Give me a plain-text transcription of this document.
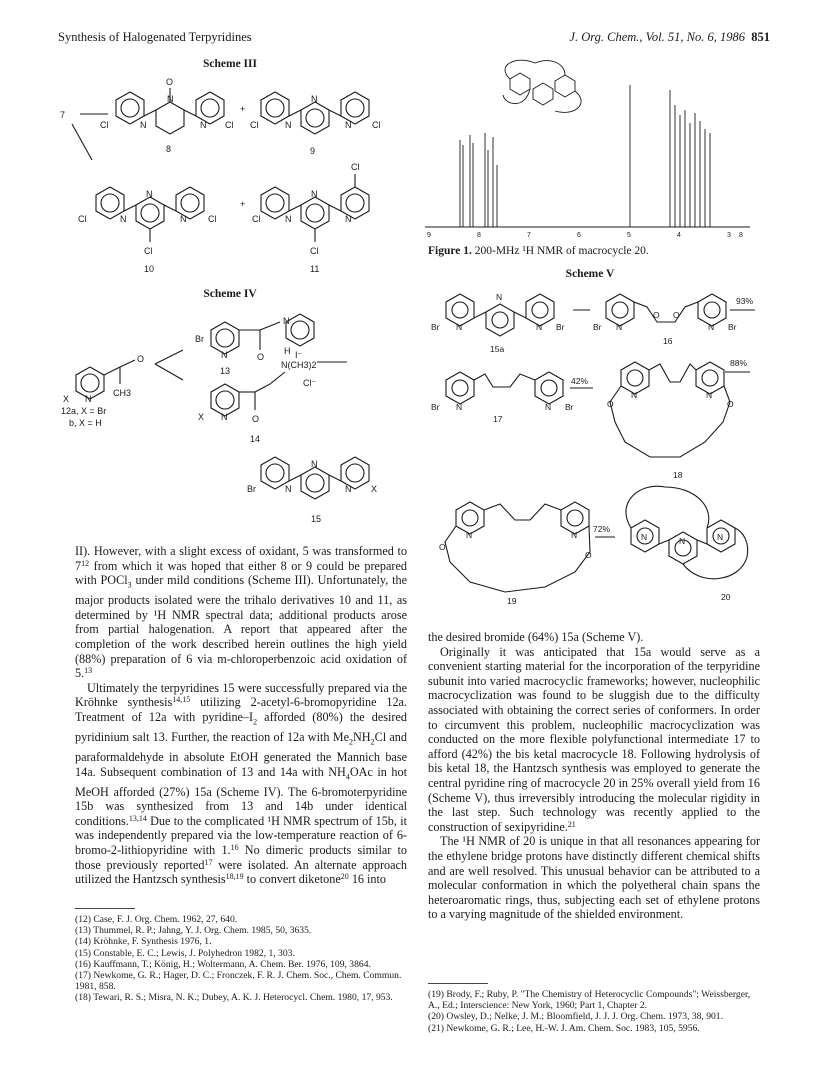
Synthesis of Halogenated Terpyridines	J. Org. Chem., Vol. 51, No. 6, 1986 851
Scheme III
7
O
Cl	N
N
N Cl
+
Cl	N
N
N Cl
8	9
Cl	N
N
N Cl
Cl
10
+
Cl	N
N
N
Cl
Cl
11
Scheme IV
Br
N	O
N
I⁻
13
X N
O
CH3
12a, X = Br
b, X = H
X N	O
N(CH3)2
H
Cl⁻
14
Br	N
N
N X
15
9	8	7	6	5	4	3 8
Figure 1. 200-MHz ¹H NMR of macrocycle 20.
Scheme V
Br N
N
N Br
15a
Br N
O O
N Br
16
93%
Br N	N Br
17
42%
N	N
O	O
88%
18
N	N
O
O
19
72%
N	N	N
20

II). However, with a slight excess of oxidant, 5 was transformed to $7^{12}$ from which it was hoped that either 8 or 9 could be prepared with POCl$_3$ under mild conditions (Scheme III). Unfortunately, the major products isolated were the trihalo derivatives 10 and 11, as determined by ¹H NMR spectral data; additional products arose from partial halogenation. A report that appeared after the completion of the work described herein outlines the high yield (88%) preparation of 6 via m-chloroperbenzoic acid oxidation of 5.13

Ultimately the terpyridines 15 were successfully prepared via the Kröhnke synthesis$^{14,15}$ utilizing 2-acetyl-6-bromopyridine 12a. Treatment of 12a with pyridine–$I_2$ afforded (80%) the desired pyridinium salt 13. Further, the reaction of 12a with $Me_2NH_2Cl$ and paraformaldehyde in absolute EtOH generated the Mannich base 14a. Subsequent combination of 13 and 14a with $NH_4OAc$ in hot MeOH afforded (27%) 15a (Scheme IV). The 6-bromoterpyridine 15b was synthesized from 13 and 14b under identical conditions.$^{13,14}$ Due to the complicated ¹H NMR spectrum of 15b, it was independently prepared via the low-temperature reaction of 6-bromo-2-lithiopyridine with 1.16 No dimeric products similar to those previously reported$^{17}$ were isolated. An alternate approach utilized the Hantzsch synthesis$^{18,19}$ to convert diketone$^{20}$ 16 into

(12) Case, F. J. Org. Chem. 1962, 27, 640.
(13) Thummel, R. P.; Jahng, Y. J. Org. Chem. 1985, 50, 3635.
(14) Kröhnke, F. Synthesis 1976, 1.
(15) Constable, E. C.; Lewis, J. Polyhedron 1982, 1, 303.
(16) Kauffmann, T.; König, H.; Woltermann, A. Chem. Ber. 1976, 109, 3864.
(17) Newkome, G. R.; Hager, D. C.; Fronczek, F. R. J. Chem. Soc., Chem. Commun. 1981, 858.
(18) Tewari, R. S.; Misra, N. K.; Dubey, A. K. J. Heterocycl. Chem. 1980, 17, 953.

the desired bromide (64%) 15a (Scheme V).

Originally it was anticipated that 15a would serve as a convenient starting material for the incorporation of the terpyridine subunit into varied macrocyclic frameworks; however, nucleophilic macrocyclization was found to be sluggish due to the difficulty associated with obtaining the correct series of conformers. In order to circumvent this problem, nucleophilic macrocyclization was conducted on the more flexible polyfunctional intermediate 17 to afford (42%) the bis ketal macrocycle 18. Following hydrolysis of bis ketal 18, the Hantzsch synthesis was employed to generate the central pyridine ring of macrocycle 20 in 25% overall yield from 16 (Scheme V), thus irreversibly introducing the molecular rigidity in the last step. Such technology was recently applied to the construction of sexipyridine.$^{21}$

The ¹H NMR of 20 is unique in that all resonances appearing for the ethylene bridge protons have distinctly different chemical shifts and are well resolved. This unusual behavior can be attributed to a molecular conformation in which the polyetheral chain spans the heteroaromatic rings, thus, subjecting each set of ethylene protons to a varying magnitude of the shielded environment.

(19) Brody, F.; Ruby, P. "The Chemistry of Heterocyclic Compounds"; Weissberger, A., Ed.; Interscience: New York, 1960; Part 1, Chapter 2.
(20) Owsley, D.; Nelke, J. M.; Bloomfield, J. J. J. Org. Chem. 1973, 38, 901.
(21) Newkome, G. R.; Lee, H.-W. J. Am. Chem. Soc. 1983, 105, 5956.
